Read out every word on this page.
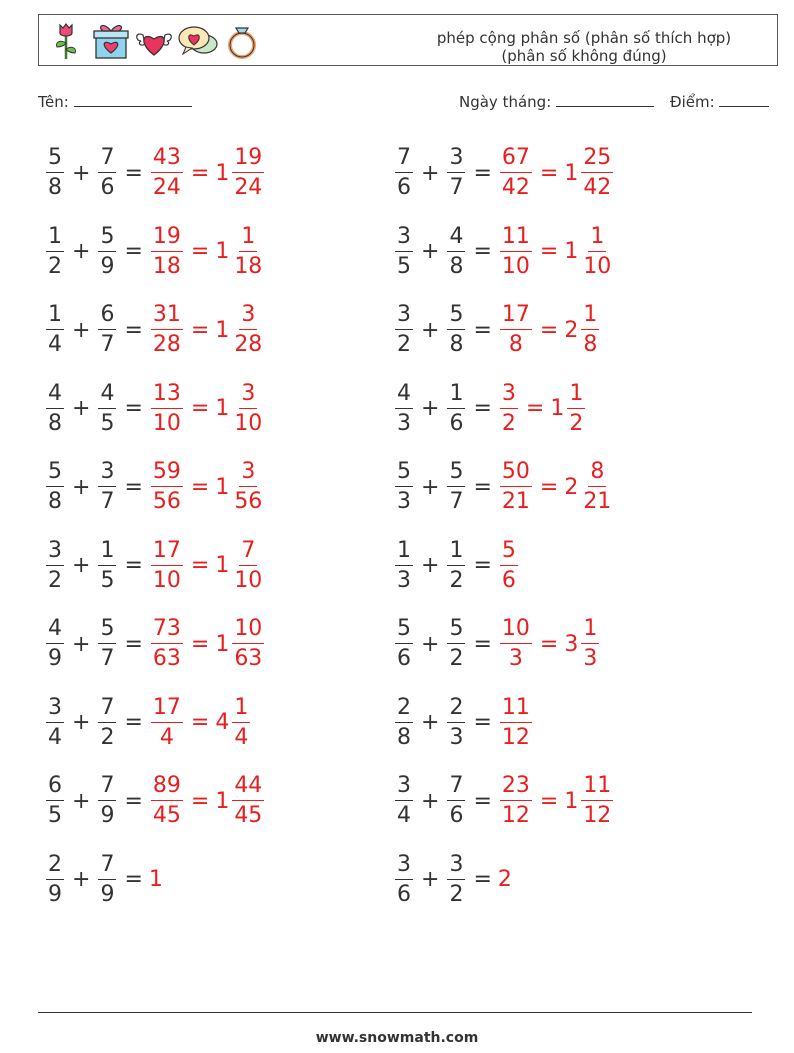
phép cộng phân số (phân số thích hợp)
(phân số không đúng)
Tên:	Ngày tháng:	Điểm:
$\frac{5}{8} + \frac{7}{6} = \frac{43}{24} = 1 \frac{19}{24}$	$\frac{7}{6} + \frac{3}{7} = \frac{67}{42} = 1 \frac{25}{42}$
$\frac{1}{2} + \frac{5}{9} = \frac{19}{18} = 1 \frac{1}{18}$	$\frac{3}{5} + \frac{4}{8} = \frac{11}{10} = 1 \frac{1}{10}$
$\frac{1}{4} + \frac{6}{7} = \frac{31}{28} = 1 \frac{3}{28}$	$\frac{3}{2} + \frac{5}{8} = \frac{17}{8} = 2 \frac{1}{8}$
$\frac{4}{8} + \frac{4}{5} = \frac{13}{10} = 1 \frac{3}{10}$	$\frac{4}{3} + \frac{1}{6} = \frac{3}{2} = 1 \frac{1}{2}$
$\frac{5}{8} + \frac{3}{7} = \frac{59}{56} = 1 \frac{3}{56}$	$\frac{5}{3} + \frac{5}{7} = \frac{50}{21} = 2 \frac{8}{21}$
$\frac{3}{2} + \frac{1}{5} = \frac{17}{10} = 1 \frac{7}{10}$	$\frac{1}{3} + \frac{1}{2} = \frac{5}{6}$
$\frac{4}{9} + \frac{5}{7} = \frac{73}{63} = 1 \frac{10}{63}$	$\frac{5}{6} + \frac{5}{2} = \frac{10}{3} = 3 \frac{1}{3}$
$\frac{3}{4} + \frac{7}{2} = \frac{17}{4} = 4 \frac{1}{4}$	$\frac{2}{8} + \frac{2}{3} = \frac{11}{12}$
$\frac{6}{5} + \frac{7}{9} = \frac{89}{45} = 1 \frac{44}{45}$	$\frac{3}{4} + \frac{7}{6} = \frac{23}{12} = 1 \frac{11}{12}$
$\frac{2}{9} + \frac{7}{9} = 1$	$\frac{3}{6} + \frac{3}{2} = 2$
www.snowmath.com
